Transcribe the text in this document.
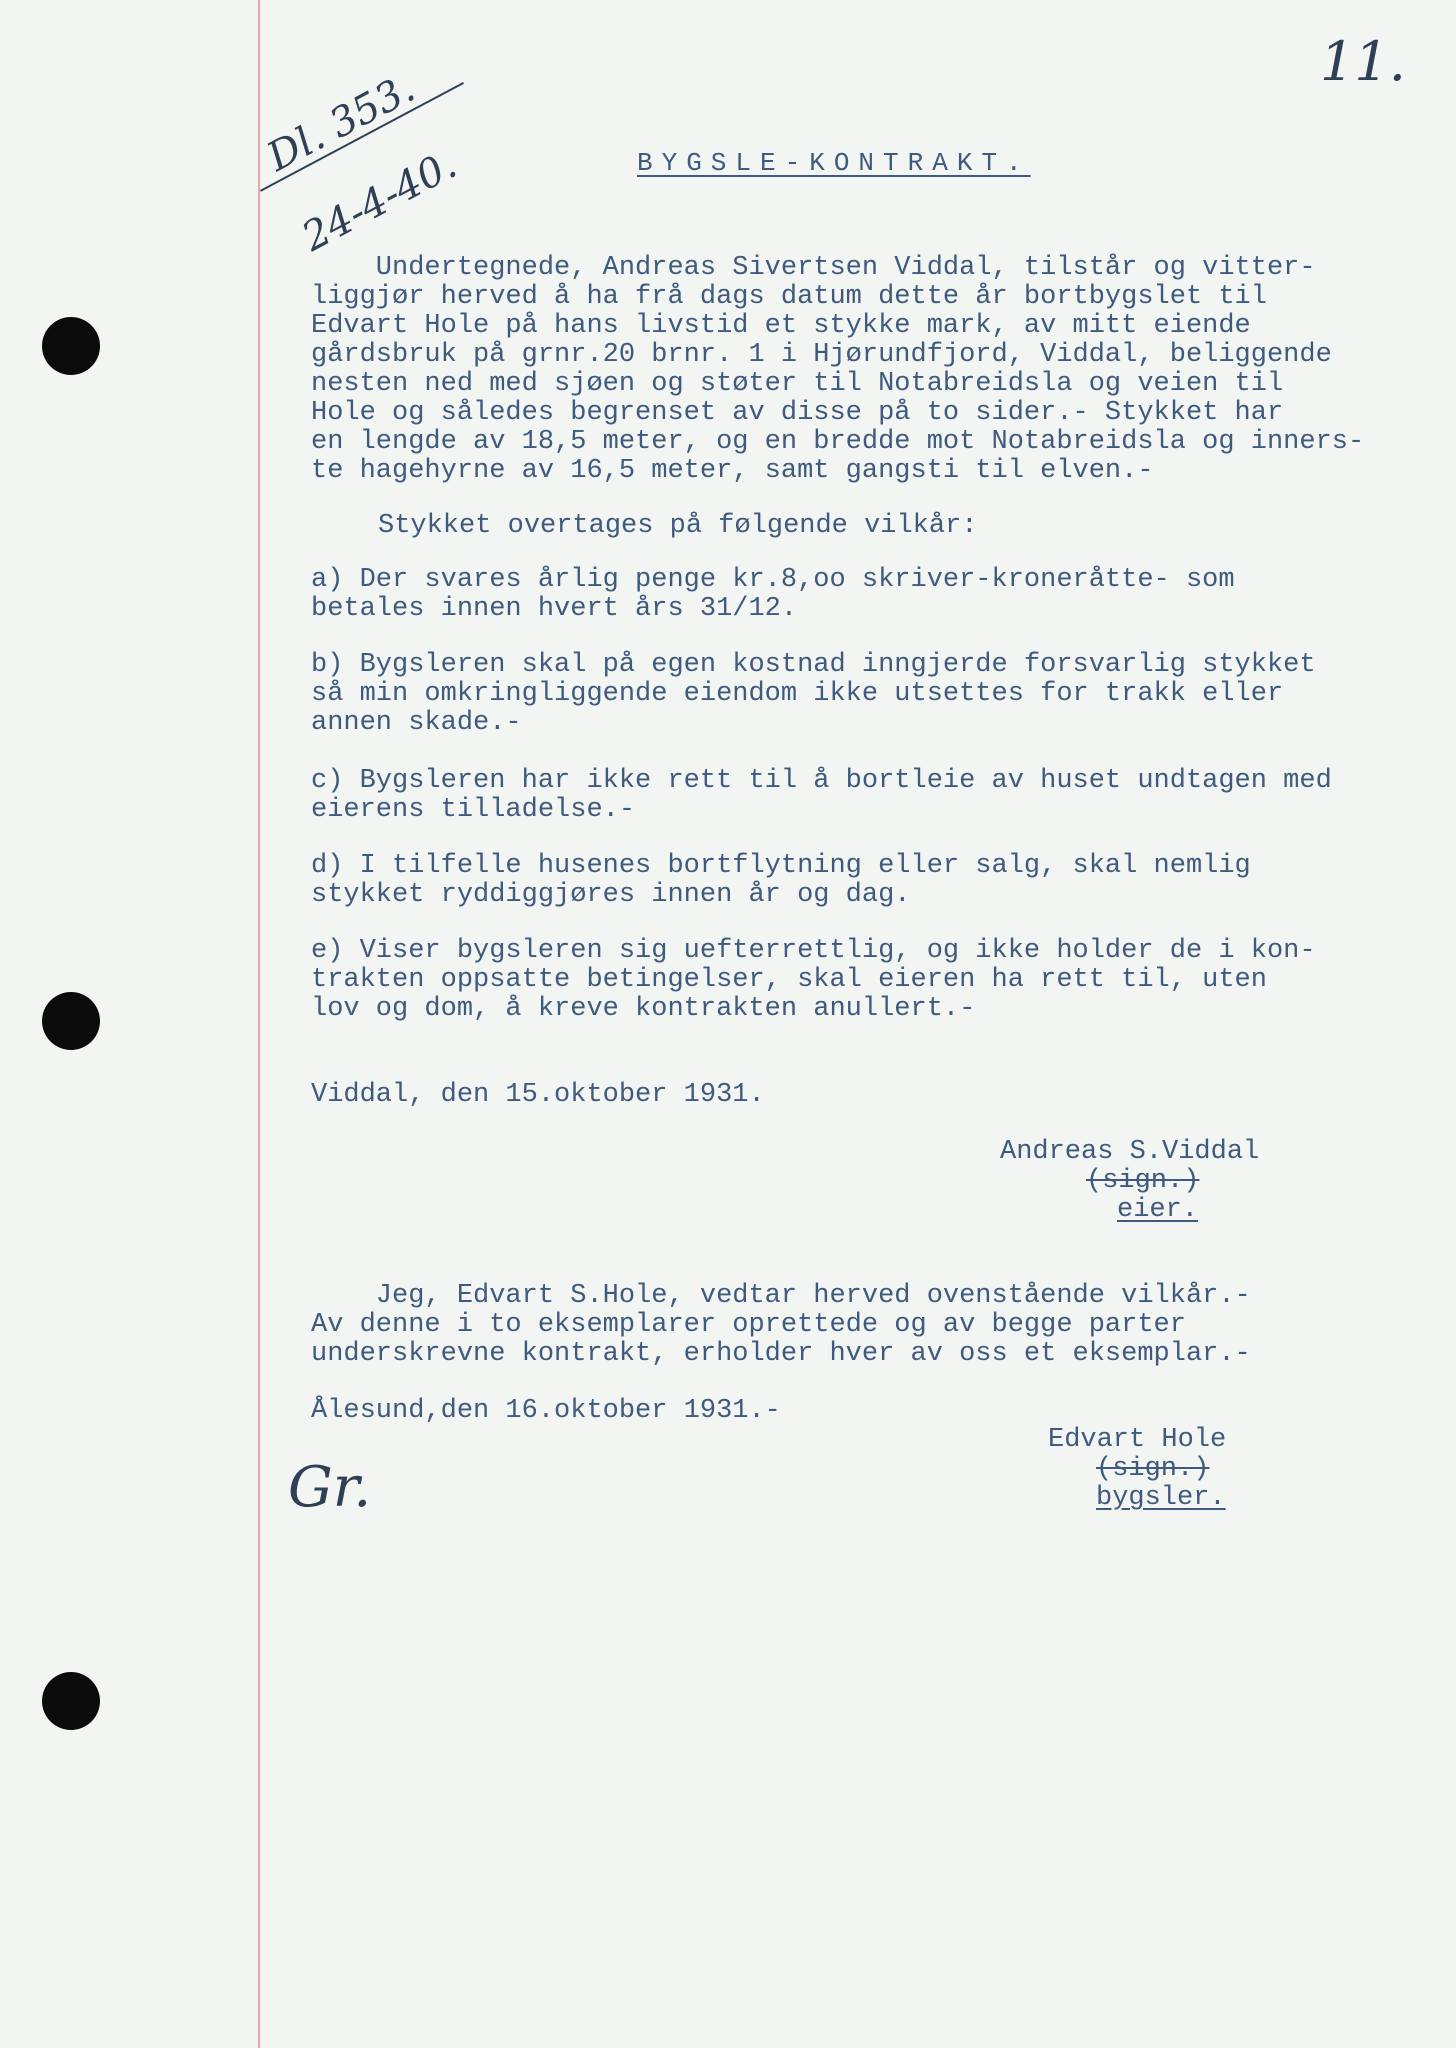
11.
Dl. 353.
24-4-40.	BYGSLE-KONTRAKT.
Undertegnede, Andreas Sivertsen Viddal, tilstår og vitter-
liggjør herved å ha frå dags datum dette år bortbygslet til
Edvart Hole på hans livstid et stykke mark, av mitt eiende
gårdsbruk på grnr.20 brnr. 1 i Hjørundfjord, Viddal, beliggende
nesten ned med sjøen og støter til Notabreidsla og veien til
Hole og således begrenset av disse på to sider.- Stykket har
en lengde av 18,5 meter, og en bredde mot Notabreidsla og inners-
te hagehyrne av 16,5 meter, samt gangsti til elven.-
Stykket overtages på følgende vilkår:
a) Der svares årlig penge kr.8,oo skriver-kroneråtte- som
betales innen hvert års 31/12.
b) Bygsleren skal på egen kostnad inngjerde forsvarlig stykket
så min omkringliggende eiendom ikke utsettes for trakk eller
annen skade.-
c) Bygsleren har ikke rett til å bortleie av huset undtagen med
eierens tilladelse.-
d) I tilfelle husenes bortflytning eller salg, skal nemlig
stykket ryddiggjøres innen år og dag.
e) Viser bygsleren sig uefterrettlig, og ikke holder de i kon-
trakten oppsatte betingelser, skal eieren ha rett til, uten
lov og dom, å kreve kontrakten anullert.-
Viddal, den 15.oktober 1931.
Andreas S.Viddal
(sign.)
eier.
Jeg, Edvart S.Hole, vedtar herved ovenstående vilkår.-
Av denne i to eksemplarer oprettede og av begge parter
underskrevne kontrakt, erholder hver av oss et eksemplar.-
Ålesund,den 16.oktober 1931.-
Edvart Hole
(sign.)
bygsler.
Gr.
